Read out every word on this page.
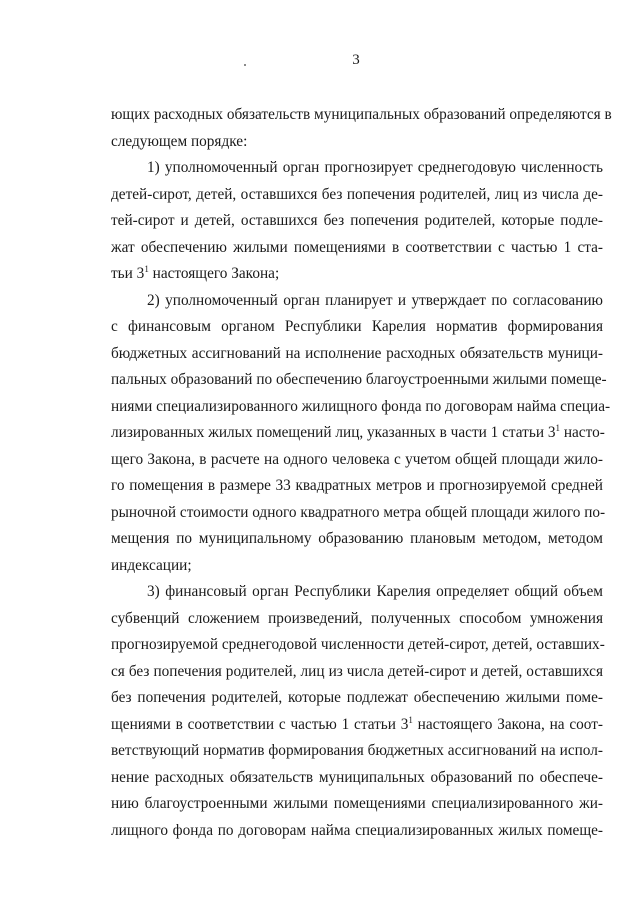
3

ющих расходных обязательств муниципальных образований определяются в
следующем порядке:

1) уполномоченный орган прогнозирует среднегодовую численность
детей-сирот, детей, оставшихся без попечения родителей, лиц из числа де-
тей-сирот и детей, оставшихся без попечения родителей, которые подле-
жат обеспечению жилыми помещениями в соответствии с частью 1 ста-
тьи $3^1$ настоящего Закона;

2) уполномоченный орган планирует и утверждает по согласованию
с финансовым органом Республики Карелия норматив формирования
бюджетных ассигнований на исполнение расходных обязательств муници-
пальных образований по обеспечению благоустроенными жилыми помеще-
ниями специализированного жилищного фонда по договорам найма специа-
лизированных жилых помещений лиц, указанных в части 1 статьи $3^1$ насто-
щего Закона, в расчете на одного человека с учетом общей площади жило-
го помещения в размере 33 квадратных метров и прогнозируемой средней
рыночной стоимости одного квадратного метра общей площади жилого по-
мещения по муниципальному образованию плановым методом, методом
индексации;

3) финансовый орган Республики Карелия определяет общий объем
субвенций сложением произведений, полученных способом умножения
прогнозируемой среднегодовой численности детей-сирот, детей, оставших-
ся без попечения родителей, лиц из числа детей-сирот и детей, оставшихся
без попечения родителей, которые подлежат обеспечению жилыми поме-
щениями в соответствии с частью 1 статьи $3^1$ настоящего Закона, на соот-
ветствующий норматив формирования бюджетных ассигнований на испол-
нение расходных обязательств муниципальных образований по обеспече-
нию благоустроенными жилыми помещениями специализированного жи-
лищного фонда по договорам найма специализированных жилых помеще-
